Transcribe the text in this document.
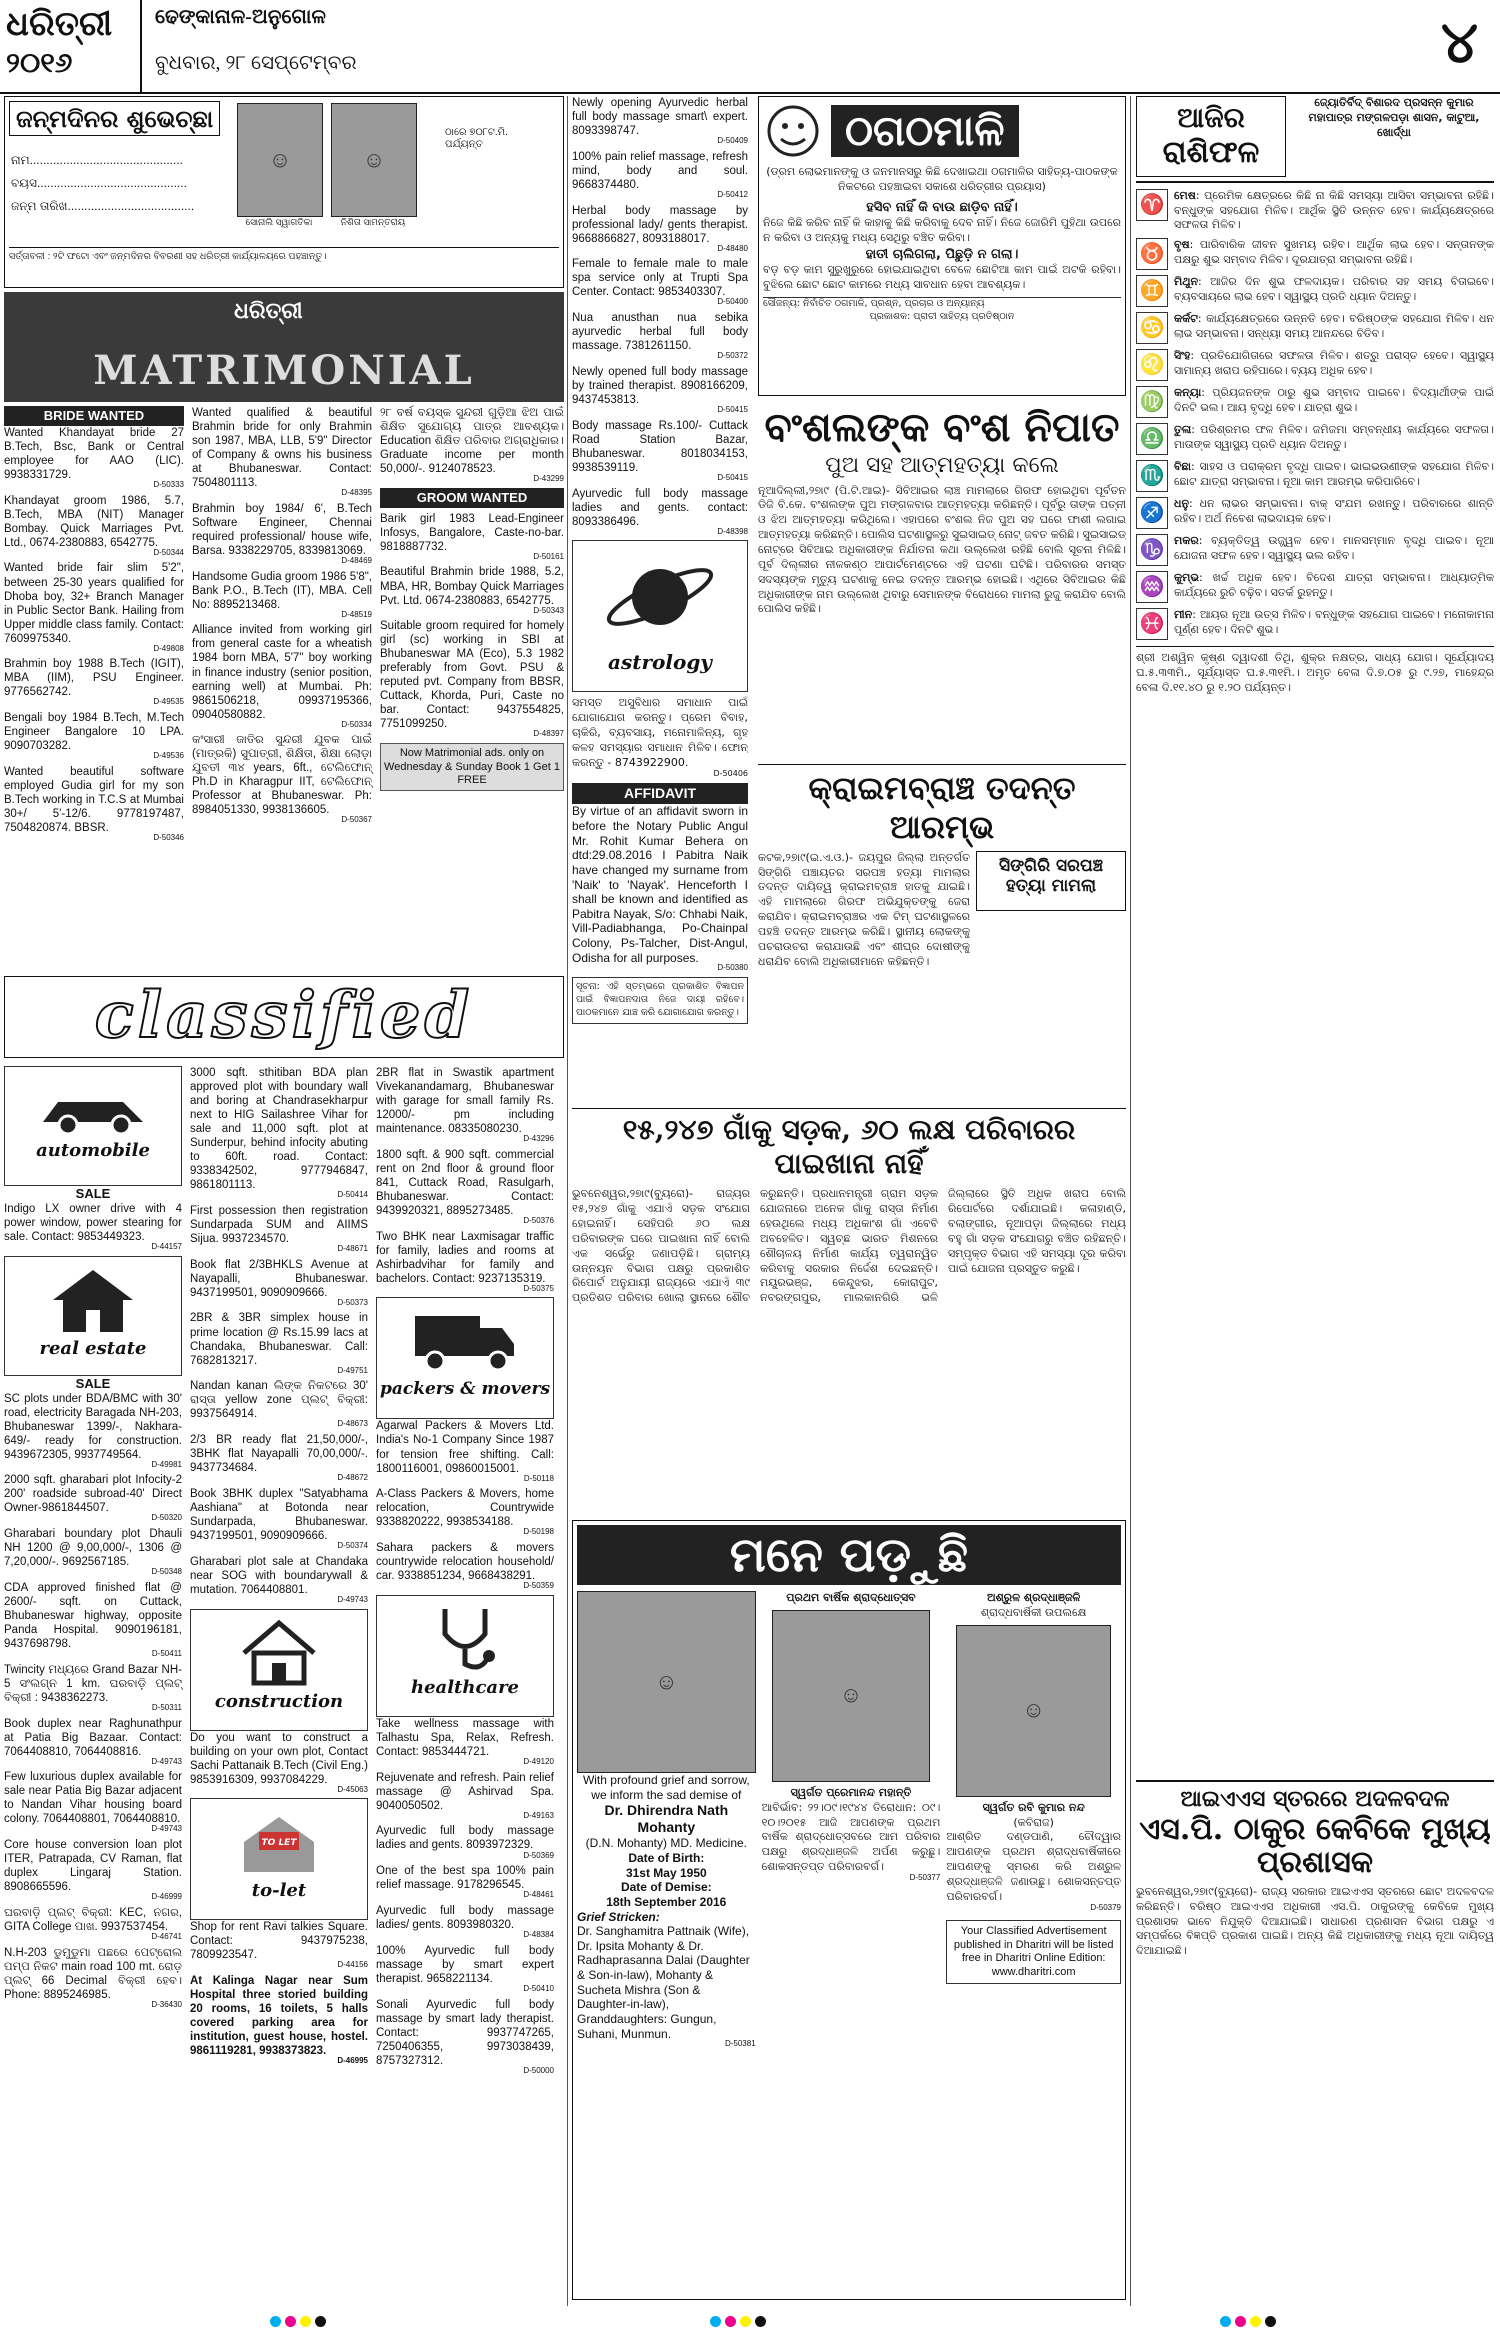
ଧରିତ୍ରୀ
୨୦୧୬
ଢେଙ୍କାନାଳ-ଅନୁଗୋଳ
ବୁଧବାର, ୨୮ ସେପ୍ଟେମ୍ବର	୪
ଜନ୍ମଦିନର ଶୁଭେଚ୍ଛା
ନାମ..............................................
ବୟସ.............................................
ଜନ୍ମ ତାରିଖ......................................
☺
ସୋନାଲି ସ୍ୱାଗତିକା
☺
ନିଶିତା ସାମନ୍ତରାୟ
ଠାରେ ୭୦୮ଟ.ମି. ପର୍ଯ୍ୟନ୍ତ
ସର୍ତ୍ତାବଳୀ : ୨ଟି ଫଟୋ ଏବଂ ଜନ୍ମଦିନର ବିବରଣୀ ସହ ଧରିତ୍ରୀ କାର୍ଯ୍ୟାଳୟରେ ପହଞ୍ଚାନ୍ତୁ।
ଧରିତ୍ରୀ
MATRIMONIAL
BRIDE WANTED

Wanted Khandayat bride 27 B.Tech, Bsc, Bank or Central employee for AAO (LIC). 9938331729.
D-50333

Khandayat groom 1986, 5.7, B.Tech, MBA (NIT) Manager Bombay. Quick Marriages Pvt. Ltd., 0674-2380883, 6542775.
D-50344

Wanted bride fair slim 5'2", between 25-30 years qualified for Dhoba boy, 32+ Branch Manager in Public Sector Bank. Hailing from Upper middle class family. Contact: 7609975340.
D-49808

Brahmin boy 1988 B.Tech (IGIT), MBA (IIM), PSU Engineer. 9776562742.
D-49535

Bengali boy 1984 B.Tech, M.Tech Engineer Bangalore 10 LPA. 9090703282.
D-49536

Wanted beautiful software employed Gudia girl for my son B.Tech working in T.C.S at Mumbai 30+/ 5'-12/6. 9778197487, 7504820874. BBSR.
D-50346

Wanted qualified & beautiful Brahmin bride for only Brahmin son 1987, MBA, LLB, 5'9" Director of Company & owns his business at Bhubaneswar. Contact: 7504801113.
D-48395

Brahmin boy 1984/ 6', B.Tech Software Engineer, Chennai required professional/ house wife, Barsa. 9338229705, 8339813069.
D-48469

Handsome Gudia groom 1986 5'8", Bank P.O., B.Tech (IT), MBA. Cell No: 8895213468.
D-48519

Alliance invited from working girl from general caste for a wheatish 1984 born MBA, 5'7" boy working in finance industry (senior position, earning well) at Mumbai. Ph: 9861506218, 09937195366, 09040580882.
D-50334

କଂସାରୀ ଜାତିର ସୁନ୍ଦରୀ ଯୁବକ ପାଇଁ (ମାତ୍ରକି) ସୁପାତ୍ରୀ, ଶିକ୍ଷିତା, ଶିକ୍ଷା ଲୋଡ଼ା ଯୁବତୀ ୩୪ years, 6ft., ଟେଲିଫୋନ୍ Ph.D in Kharagpur IIT, ଟେଲିଫୋନ୍ Professor at Bhubaneswar. Ph: 8984051330, 9938136605.
D-50367

୨୮ ବର୍ଷ ବୟସ୍କ ସୁନ୍ଦରୀ ଗୁଡ଼ିଆ ଝିଅ ପାଇଁ ଶିକ୍ଷିତ ସୁଯୋଗ୍ୟ ପାତ୍ର ଆବଶ୍ୟକ। Education ଶିକ୍ଷିତ ପରିବାର ଅଗ୍ରାଧିକାର। Graduate income per month 50,000/-. 9124078523.
D-43299

GROOM WANTED

Barik girl 1983 Lead-Engineer Infosys, Bangalore, Caste-no-bar. 9818887732.
D-50161

Beautiful Brahmin bride 1988, 5.2, MBA, HR, Bombay Quick Marriages Pvt. Ltd. 0674-2380883, 6542775.
D-50343

Suitable groom required for homely girl (sc) working in SBI at Bhubaneswar MA (Eco), 5.3 1982 preferably from Govt. PSU & reputed pvt. Company from BBSR, Cuttack, Khorda, Puri, Caste no bar. Contact: 9437554825, 7751099250.
D-48397

Now Matrimonial ads. only on Wednesday & Sunday Book 1 Get 1 FREE
classified
automobile
SALE

Indigo LX owner drive with 4 power window, power stearing for sale. Contact: 9853449323.
D-44157

real estate
SALE

SC plots under BDA/BMC with 30' road, electricity Baragada NH-203, Bhubaneswar 1399/-, Nakhara- 649/- ready for construction. 9439672305, 9937749564.
D-49981

2000 sqft. gharabari plot Infocity-2 200' roadside subroad-40' Direct Owner-9861844507.
D-50320

Gharabari boundary plot Dhauli NH 1200 @ 9,00,000/-, 1306 @ 7,20,000/-. 9692567185.
D-50348

CDA approved finished flat @ 2600/- sqft. on Cuttack, Bhubaneswar highway, opposite Panda Hospital. 9090196181, 9437698798.
D-50411

Twincity ମଧ୍ୟରେ Grand Bazar NH-5 ସଂଲଗ୍ନ 1 km. ଘରବାଡ଼ି ପ୍ଲଟ୍ ବିକ୍ରୀ : 9438362273.
D-50311

Book duplex near Raghunathpur at Patia Big Bazaar. Contact: 7064408810, 7064408816.
D-49743

Few luxurious duplex available for sale near Patia Big Bazar adjacent to Nandan Vihar housing board colony. 7064408801, 7064408810.
D-49743

Core house conversion loan plot ITER, Patrapada, CV Raman, flat duplex Lingaraj Station. 8908665596.
D-46999

ଘରବାଡ଼ି ପ୍ଲଟ୍ ବିକ୍ରୀ: KEC, ନଗର, GITA College ପାଖ. 9937537454.
D-46741

N.H-203 ଡୁମୁଡୁମା ପଛରେ ପେଟ୍ରୋଲ ପମ୍ପ ନିକଟ main road 100 mt. ରୋଡ଼ ପ୍ଲଟ୍ 66 Decimal ବିକ୍ରୀ ହେବ। Phone: 8895246985.
D-36430

3000 sqft. sthitiban BDA plan approved plot with boundary wall and boring at Chandrasekharpur next to HIG Sailashree Vihar for sale and 11,000 sqft. plot at Sunderpur, behind infocity abuting to 60ft. road. Contact: 9338342502, 9777946847, 9861801113.
D-50414

First possession then registration Sundarpada SUM and AIIMS Sijua. 9937234570.
D-48671

Book flat 2/3BHKLS Avenue at Nayapalli, Bhubaneswar. 9437199501, 9090909666.
D-50373

2BR & 3BR simplex house in prime location @ Rs.15.99 lacs at Chandaka, Bhubaneswar. Call: 7682813217.
D-49751

Nandan kanan ଲିଙ୍କ ନିକଟରେ 30' ରାସ୍ତା yellow zone ପ୍ଲଟ୍ ବିକ୍ରୀ: 9937564914.
D-48673

2/3 BR ready flat 21,50,000/-, 3BHK flat Nayapalli 70,00,000/-. 9437734684.
D-48672

Book 3BHK duplex "Satyabhama Aashiana" at Botonda near Sundarpada, Bhubaneswar. 9437199501, 9090909666.
D-50374

Gharabari plot sale at Chandaka near SOG with boundarywall & mutation. 7064408801.
D-49743

construction

Do you want to construct a building on your own plot, Contact Sachi Pattanaik B.Tech (Civil Eng.) 9853916309, 9937084229.
D-45063

TO LET
to-let

Shop for rent Ravi talkies Square. Contact: 9437975238, 7809923547.
D-44156

At Kalinga Nagar near Sum Hospital three storied building 20 rooms, 16 toilets, 5 halls covered parking area for institution, guest house, hostel. 9861119281, 9938373823.
D-46995

2BR flat in Swastik apartment Vivekanandamarg, Bhubaneswar with garage for small family Rs. 12000/- pm including maintenance. 08335080230.
D-43296

1800 sqft. & 900 sqft. commercial rent on 2nd floor & ground floor 841, Cuttack Road, Rasulgarh, Bhubaneswar. Contact: 9439920321, 8895273485.
D-50376

Two BHK near Laxmisagar traffic for family, ladies and rooms at Ashirbadvihar for family and bachelors. Contact: 9237135319.
D-50375

packers & movers

Agarwal Packers & Movers Ltd. India's No-1 Company Since 1987 for tension free shifting. Call: 1800116001, 09860015001.
D-50118

A-Class Packers & Movers, home relocation, Countrywide 9338820222, 9938534188.
D-50198

Sahara packers & movers countrywide relocation household/ car. 9338851234, 9668438291.
D-50359

healthcare

Take wellness massage with Talhastu Spa, Relax, Refresh. Contact: 9853444721.
D-49120

Rejuvenate and refresh. Pain relief massage @ Ashirvad Spa. 9040050502.
D-49163

Ayurvedic full body massage ladies and gents. 8093972329.
D-50369

One of the best spa 100% pain relief massage. 9178296545.
D-48461

Ayurvedic full body massage ladies/ gents. 8093980320.
D-48384

100% Ayurvedic full body massage by smart expert therapist. 9658221134.
D-50410

Sonali Ayurvedic full body massage by smart lady therapist. Contact: 9937747265, 7250406355, 9973038439, 8757327312.
D-50000

Newly opening Ayurvedic herbal full body massage smart\ expert. 8093398747.
D-50409

100% pain relief massage, refresh mind, body and soul. 9668374480.
D-50412

Herbal body massage by professional lady/ gents therapist. 9668866827, 8093188017.
D-48480

Female to female male to male spa service only at Trupti Spa Center. Contact: 9853403307.
D-50400

Nua anusthan nua sebika ayurvedic herbal full body massage. 7381261150.
D-50372

Newly opened full body massage by trained therapist. 8908166209, 9437453813.
D-50415

Body massage Rs.100/- Cuttack Road Station Bazar, Bhubaneswar. 8018034153, 9938539119.
D-50415

Ayurvedic full body massage ladies and gents. contact: 8093386496.
D-48398

astrology

ସମସ୍ତ ଅସୁବିଧାର ସମାଧାନ ପାଇଁ ଯୋଗାଯୋଗ କରନ୍ତୁ। ପ୍ରେମ ବିବାହ, ଚାକିରି, ବ୍ୟବସାୟ, ମନୋମାଳିନ୍ୟ, ଗୃହ କଳହ ସମସ୍ୟାର ସମାଧାନ ମିଳିବ। ଫୋନ୍ କରନ୍ତୁ - 8743922900.
D-50406

AFFIDAVIT

By virtue of an affidavit sworn in before the Notary Public Angul Mr. Rohit Kumar Behera on dtd:29.08.2016 I Pabitra Naik have changed my surname from 'Naik' to 'Nayak'. Henceforth I shall be known and identified as Pabitra Nayak, S/o: Chhabi Naik, Vill-Padiabhanga, Po-Chainpal Colony, Ps-Talcher, Dist-Angul, Odisha for all purposes.
D-50380

ସୂଚନା: ଏହି ସ୍ତମ୍ଭରେ ପ୍ରକାଶିତ ବିଜ୍ଞାପନ ପାଇଁ ବିଜ୍ଞାପନଦାତା ନିଜେ ଦାୟୀ ରହିବେ। ପାଠକମାନେ ଯାଞ୍ଚ କରି ଯୋଗାଯୋଗ କରନ୍ତୁ।
ଠଗଠମାଳି
(ଡ୍ରମ ଲୋଭମାନଙ୍କୁ ଓ ଜନମାନସରୁ କିଛି ଦେଖାଇଥା ଠଗମାଳିର ସାହିତ୍ୟ-ପାଠକଙ୍କ ନିକଟରେ ପହଞ୍ଚାଇବା ସକାଶେ ଧରିତ୍ରୀର ପ୍ରୟାସ)
ହସିବ ନାହିଁ କି ବାଉ ଛାଡ଼ିବ ନାହିଁ।
ନିଜେ କିଛି କରିବ ନାହିଁ କି କାହାକୁ କିଛି କରିବାକୁ ଦେବ ନାହିଁ। ନିଜେ ଜୋରିମି ପୁହିଥା ଉପରେ ନ କରିବା ଓ ଅନ୍ୟକୁ ମଧ୍ୟ ସେଥିରୁ ବଞ୍ଚିତ କରିବା।
ହାତୀ ଚାଲିଗଲା, ପିଛୁଡ଼ି ନ ଗଲା।
ବଡ଼ ବଡ଼ କାମ ସୁରୁଖୁରୁରେ ହୋଇଯାଇଥିବା ବେଳେ ଛୋଟିଆ କାମ ପାଇଁ ଅଟକି ରହିବା। ବୁଝିଲେ ଛୋଟ ଛୋଟ କାମରେ ମଧ୍ୟ ସାବଧାନ ହେବା ଆବଶ୍ୟକ।
ସୌଜନ୍ୟ: ନିର୍ବାଚିତ ଠଗମାଳି, ପ୍ରଶ୍ନ, ପ୍ରଚାର ଓ ଅନ୍ୟାନ୍ୟ
ପ୍ରକାଶକ: ପ୍ରାଚୀ ସାହିତ୍ୟ ପ୍ରତିଷ୍ଠାନ
ବଂଶଲଙ୍କ ବଂଶ ନିପାତ
ପୁଅ ସହ ଆତ୍ମହତ୍ୟା କଲେ
ନୂଆଦିଲ୍ଲୀ,୨୭ା୯ (ପି.ଟି.ଆଇ)- ସିବିଆଇର ଲାଞ୍ଚ ମାମଲାରେ ଗିରଫ ହୋଇଥିବା ପୂର୍ବତନ ଡିଜି ବି.କେ. ବଂଶଲଙ୍କ ପୁଅ ମଙ୍ଗଳବାର ଆତ୍ମହତ୍ୟା କରିଛନ୍ତି। ପୂର୍ବରୁ ତାଙ୍କ ପତ୍ନୀ ଓ ଝିଅ ଆତ୍ମହତ୍ୟା କରିଥିଲେ। ଏହାପରେ ବଂଶଲ ନିଜ ପୁଅ ସହ ଘରେ ଫାଶୀ ଲଗାଇ ଆତ୍ମହତ୍ୟା କରିଛନ୍ତି। ପୋଲିସ ଘଟଣାସ୍ଥଳରୁ ସୁଇସାଇଡ୍ ନୋଟ୍ ଜବତ କରିଛି। ସୁଇସାଇଡ୍ ନୋଟ୍‌ରେ ସିବିଆଇ ଅଧିକାରୀଙ୍କ ନିର୍ଯାତନା କଥା ଉଲ୍ଲେଖ ରହିଛି ବୋଲି ସୂଚନା ମିଳିଛି। ପୂର୍ବ ଦିଲ୍ଲୀର ନୀଳକଣ୍ଠ ଆପାର୍ଟମେଣ୍ଟରେ ଏହି ଘଟଣା ଘଟିଛି। ପରିବାରର ସମସ୍ତ ସଦସ୍ୟଙ୍କ ମୃତ୍ୟୁ ଘଟଣାକୁ ନେଇ ତଦନ୍ତ ଆରମ୍ଭ ହୋଇଛି। ଏଥିରେ ସିବିଆଇର କିଛି ଅଧିକାରୀଙ୍କ ନାମ ଉଲ୍ଲେଖ ଥିବାରୁ ସେମାନଙ୍କ ବିରୋଧରେ ମାମଲା ରୁଜୁ କରାଯିବ ବୋଲି ପୋଲିସ କହିଛି।
କ୍ରାଇମବ୍ରାଞ୍ଚ ତଦନ୍ତ ଆରମ୍ଭ
କଟକ,୨୭ା୯(ଇ.ଏ.ଓ.)- ଜୟପୁର ଜିଲ୍ଲା ଅନ୍ତର୍ଗତ ସିଙ୍ଗିରି ପଞ୍ଚାୟତର ସରପଞ୍ଚ ହତ୍ୟା ମାମଲାର ତଦନ୍ତ ଦାୟିତ୍ୱ କ୍ରାଇମବ୍ରାଞ୍ଚ ହାତକୁ ଯାଇଛି। ଏହି ମାମଲାରେ ଗିରଫ ଅଭିଯୁକ୍ତଙ୍କୁ ଜେରା କରାଯିବ। କ୍ରାଇମବ୍ରାଞ୍ଚର ଏକ ଟିମ୍ ଘଟଣାସ୍ଥଳରେ ପହଞ୍ଚି ତଦନ୍ତ ଆରମ୍ଭ କରିଛି। ସ୍ଥାନୀୟ ଲୋକଙ୍କୁ ପଚରାଉଚରା କରାଯାଉଛି ଏବଂ ଶୀଘ୍ର ଦୋଷୀଙ୍କୁ ଧରାଯିବ ବୋଲି ଅଧିକାରୀମାନେ କହିଛନ୍ତି।
ସିଙ୍ଗିରି ସରପଞ୍ଚ ହତ୍ୟା ମାମଲା
୧୫,୨୪୭ ଗାଁକୁ ସଡ଼କ, ୬୦ ଲକ୍ଷ ପରିବାରର ପାଇଖାନା ନାହିଁ
ଭୁବନେଶ୍ୱର,୨୭ା୯(ବ୍ୟୁରୋ)- ରାଜ୍ୟର ୧୫,୨୪୭ ଗାଁକୁ ଏଯାଏଁ ସଡ଼କ ସଂଯୋଗ ହୋଇନାହିଁ। ସେହିପରି ୬୦ ଲକ୍ଷ ପରିବାରଙ୍କ ଘରେ ପାଇଖାନା ନାହିଁ ବୋଲି ଏକ ସର୍ଭେରୁ ଜଣାପଡ଼ିଛି। ଗ୍ରାମ୍ୟ ଉନ୍ନୟନ ବିଭାଗ ପକ୍ଷରୁ ପ୍ରକାଶିତ ରିପୋର୍ଟ ଅନୁଯାୟୀ ରାଜ୍ୟରେ ଏଯାଏଁ ୩୯ ପ୍ରତିଶତ ପରିବାର ଖୋଲା ସ୍ଥାନରେ ଶୌଚ କରୁଛନ୍ତି। ପ୍ରଧାନମନ୍ତ୍ରୀ ଗ୍ରାମ ସଡ଼କ ଯୋଜନାରେ ଅନେକ ଗାଁକୁ ରାସ୍ତା ନିର୍ମାଣ ହେଉଥିଲେ ମଧ୍ୟ ଅଧିକାଂଶ ଗାଁ ଏବେବି ଅବହେଳିତ। ସ୍ୱଚ୍ଛ ଭାରତ ମିଶନରେ ଶୌଚାଳୟ ନିର୍ମାଣ କାର୍ଯ୍ୟ ତ୍ୱରାନ୍ୱିତ କରିବାକୁ ସରକାର ନିର୍ଦ୍ଦେଶ ଦେଇଛନ୍ତି। ମୟୂରଭଞ୍ଜ, କେନ୍ଦୁଝର, କୋରାପୁଟ, ନବରଙ୍ଗପୁର, ମାଲକାନଗିରି ଭଳି ଜିଲ୍ଲାରେ ସ୍ଥିତି ଅଧିକ ଖରାପ ବୋଲି ରିପୋର୍ଟରେ ଦର୍ଶାଯାଇଛି। କଳାହାଣ୍ଡି, ବଲାଙ୍ଗୀର, ନୂଆପଡ଼ା ଜିଲ୍ଲାରେ ମଧ୍ୟ ବହୁ ଗାଁ ସଡ଼କ ସଂଯୋଗରୁ ବଞ୍ଚିତ ରହିଛନ୍ତି। ସମ୍ପୃକ୍ତ ବିଭାଗ ଏହି ସମସ୍ୟା ଦୂର କରିବା ପାଇଁ ଯୋଜନା ପ୍ରସ୍ତୁତ କରୁଛି।
ମନେ ପଡ଼ୁଛି
☺
With profound grief and sorrow, we inform the sad demise of
Dr. Dhirendra Nath Mohanty
(D.N. Mohanty) MD. Medicine.
Date of Birth:
31st May 1950
Date of Demise:
18th September 2016
Grief Stricken:
Dr. Sanghamitra Pattnaik (Wife), Dr. Ipsita Mohanty & Dr. Radhaprasanna Dalai (Daughter & Son-in-law), Mohanty & Sucheta Mishra (Son & Daughter-in-law), Granddaughters: Gungun, Suhani, Munmun.
D-50381
ପ୍ରଥମ ବାର୍ଷିକ ଶ୍ରାଦ୍ଧୋତ୍ସବ
☺
ସ୍ୱର୍ଗତ ପ୍ରେମାନନ୍ଦ ମହାନ୍ତି
ଆବିର୍ଭାବ: ୨୨।୦୯।୧୯୪୪ ତିରୋଧାନ: ୦୯।୧୦।୨୦୧୫ ଆଜି ଆପଣଙ୍କ ପ୍ରଥମ ବାର୍ଷିକ ଶ୍ରାଦ୍ଧୋତ୍ସବରେ ଆମ ପରିବାର ପକ୍ଷରୁ ଶ୍ରଦ୍ଧାଞ୍ଜଳି ଅର୍ପଣ କରୁଛୁ। ଶୋକସନ୍ତପ୍ତ ପରିବାରବର୍ଗ।
D-50377
ଅଶ୍ରୁଳ ଶ୍ରଦ୍ଧାଞ୍ଜଳି
ଶ୍ରାଦ୍ଧବାର୍ଷିକୀ ଉପଲକ୍ଷେ
☺
ସ୍ୱର୍ଗତ ରବି କୁମାର ନନ୍ଦ
(କବିରାଜ)
ଆଶ୍ରିତ ଦଣ୍ଡପାଣି, ଚୌଦ୍ୱାର ଆପଣଙ୍କ ପ୍ରଥମ ଶ୍ରାଦ୍ଧବାର୍ଷିକୀରେ ଆପଣଙ୍କୁ ସ୍ମରଣ କରି ଅଶ୍ରୁଳ ଶ୍ରଦ୍ଧାଞ୍ଜଳି ଜଣାଉଛୁ। ଶୋକସନ୍ତପ୍ତ ପରିବାରବର୍ଗ।
D-50379
Your Classified Advertisement published in Dharitri will be listed free in Dharitri Online Edition: www.dharitri.com
ଆଜିର
ରାଶିଫଳ
ଜ୍ୟୋତିର୍ବିଦ୍ ବିଶାରଦ ପ୍ରସନ୍ନ କୁମାର ମହାପାତ୍ର ମଙ୍ଗଳପଡ଼ା ଶାସନ, କାଟୁଆ, ଖୋର୍ଦ୍ଧା
♈ ମେଷ: ପ୍ରେମିକ କ୍ଷେତ୍ରରେ କିଛି ନା କିଛି ସମସ୍ୟା ଆସିବା ସମ୍ଭାବନା ରହିଛି। ବନ୍ଧୁଙ୍କ ସହଯୋଗ ମିଳିବ। ଆର୍ଥିକ ସ୍ଥିତି ଉନ୍ନତ ହେବ। କାର୍ଯ୍ୟକ୍ଷେତ୍ରରେ ସଫଳତା ମିଳିବ।
♉ ବୃଷ: ପାରିବାରିକ ଜୀବନ ସୁଖମୟ ରହିବ। ଆର୍ଥିକ ଲାଭ ହେବ। ସନ୍ତାନଙ୍କ ପକ୍ଷରୁ ଶୁଭ ସମ୍ବାଦ ମିଳିବ। ଦୂରଯାତ୍ରା ସମ୍ଭାବନା ରହିଛି।
♊ ମିଥୁନ: ଆଜିର ଦିନ ଶୁଭ ଫଳଦାୟକ। ପରିବାର ସହ ସମୟ ବିତାଇବେ। ବ୍ୟବସାୟରେ ଲାଭ ହେବ। ସ୍ୱାସ୍ଥ୍ୟ ପ୍ରତି ଧ୍ୟାନ ଦିଅନ୍ତୁ।
♋ କର୍କଟ: କାର୍ଯ୍ୟକ୍ଷେତ୍ରରେ ଉନ୍ନତି ହେବ। ବରିଷ୍ଠଙ୍କ ସହଯୋଗ ମିଳିବ। ଧନ ଲାଭ ସମ୍ଭାବନା। ସନ୍ଧ୍ୟା ସମୟ ଆନନ୍ଦରେ ବିତିବ।
♌ ସିଂହ: ପ୍ରତିଯୋଗିତାରେ ସଫଳତା ମିଳିବ। ଶତ୍ରୁ ପରାସ୍ତ ହେବେ। ସ୍ୱାସ୍ଥ୍ୟ ସାମାନ୍ୟ ଖରାପ ରହିପାରେ। ବ୍ୟୟ ଅଧିକ ହେବ।
♍ କନ୍ୟା: ପ୍ରିୟଜନଙ୍କ ଠାରୁ ଶୁଭ ସମ୍ବାଦ ପାଇବେ। ବିଦ୍ୟାର୍ଥୀଙ୍କ ପାଇଁ ଦିନଟି ଭଲ। ଆୟ ବୃଦ୍ଧି ହେବ। ଯାତ୍ରା ଶୁଭ।
♎ ତୁଳା: ପରିଶ୍ରମର ଫଳ ମିଳିବ। ଜମିଜମା ସମ୍ବନ୍ଧୀୟ କାର୍ଯ୍ୟରେ ସଫଳତା। ମାତାଙ୍କ ସ୍ୱାସ୍ଥ୍ୟ ପ୍ରତି ଧ୍ୟାନ ଦିଅନ୍ତୁ।
♏ ବିଛା: ସାହସ ଓ ପରାକ୍ରମ ବୃଦ୍ଧି ପାଇବ। ଭାଇଭଉଣୀଙ୍କ ସହଯୋଗ ମିଳିବ। ଛୋଟ ଯାତ୍ରା ସମ୍ଭାବନା। ନୂଆ କାମ ଆରମ୍ଭ କରିପାରିବେ।
♐ ଧନୁ: ଧନ ଲାଭର ସମ୍ଭାବନା। ବାକ୍ ସଂଯମ ରଖନ୍ତୁ। ପରିବାରରେ ଶାନ୍ତି ରହିବ। ଅର୍ଥ ନିବେଶ ଲାଭଦାୟକ ହେବ।
♑ ମକର: ବ୍ୟକ୍ତିତ୍ୱ ଉଜ୍ଜ୍ୱଳ ହେବ। ମାନସମ୍ମାନ ବୃଦ୍ଧି ପାଇବ। ନୂଆ ଯୋଜନା ସଫଳ ହେବ। ସ୍ୱାସ୍ଥ୍ୟ ଭଲ ରହିବ।
♒ କୁମ୍ଭ: ଖର୍ଚ୍ଚ ଅଧିକ ହେବ। ବିଦେଶ ଯାତ୍ରା ସମ୍ଭାବନା। ଆଧ୍ୟାତ୍ମିକ କାର୍ଯ୍ୟରେ ରୁଚି ବଢ଼ିବ। ସତର୍କ ରୁହନ୍ତୁ।
♓ ମୀନ: ଆୟର ନୂଆ ଉତ୍ସ ମିଳିବ। ବନ୍ଧୁଙ୍କ ସହଯୋଗ ପାଇବେ। ମନୋକାମନା ପୂର୍ଣ୍ଣ ହେବ। ଦିନଟି ଶୁଭ।
ଶ୍ରୀ ଅଶ୍ୱିନ କୃଷ୍ଣ ଦ୍ୱାଦଶୀ ତିଥି, ଶୁକ୍ର ନକ୍ଷତ୍ର, ସାଧ୍ୟ ଯୋଗ। ସୂର୍ଯ୍ୟୋଦୟ ଘ.୫.୩୩ମି., ସୂର୍ଯ୍ୟାସ୍ତ ଘ.୫.୩୧ମି.। ଅମୃତ ବେଳା ଦି.୭.୦୫ ରୁ ୯.୨୭, ମାହେନ୍ଦ୍ର ବେଳା ଦି.୧୧.୪୦ ରୁ ୧.୨୦ ପର୍ଯ୍ୟନ୍ତ।
ଆଇଏଏସ ସ୍ତରରେ ଅଦଳବଦଳ
ଏସ.ପି. ଠାକୁର କେବିକେ ମୁଖ୍ୟ ପ୍ରଶାସକ
ଭୁବନେଶ୍ୱର,୨୭ା୯(ବ୍ୟୁରୋ)- ରାଜ୍ୟ ସରକାର ଆଇଏଏସ ସ୍ତରରେ ଛୋଟ ଅଦଳବଦଳ କରିଛନ୍ତି। ବରିଷ୍ଠ ଆଇଏଏସ ଅଧିକାରୀ ଏସ.ପି. ଠାକୁରଙ୍କୁ କେବିକେ ମୁଖ୍ୟ ପ୍ରଶାସକ ଭାବେ ନିଯୁକ୍ତି ଦିଆଯାଇଛି। ସାଧାରଣ ପ୍ରଶାସନ ବିଭାଗ ପକ୍ଷରୁ ଏ ସମ୍ପର୍କରେ ବିଜ୍ଞପ୍ତି ପ୍ରକାଶ ପାଇଛି। ଅନ୍ୟ କିଛି ଅଧିକାରୀଙ୍କୁ ମଧ୍ୟ ନୂଆ ଦାୟିତ୍ୱ ଦିଆଯାଇଛି।
